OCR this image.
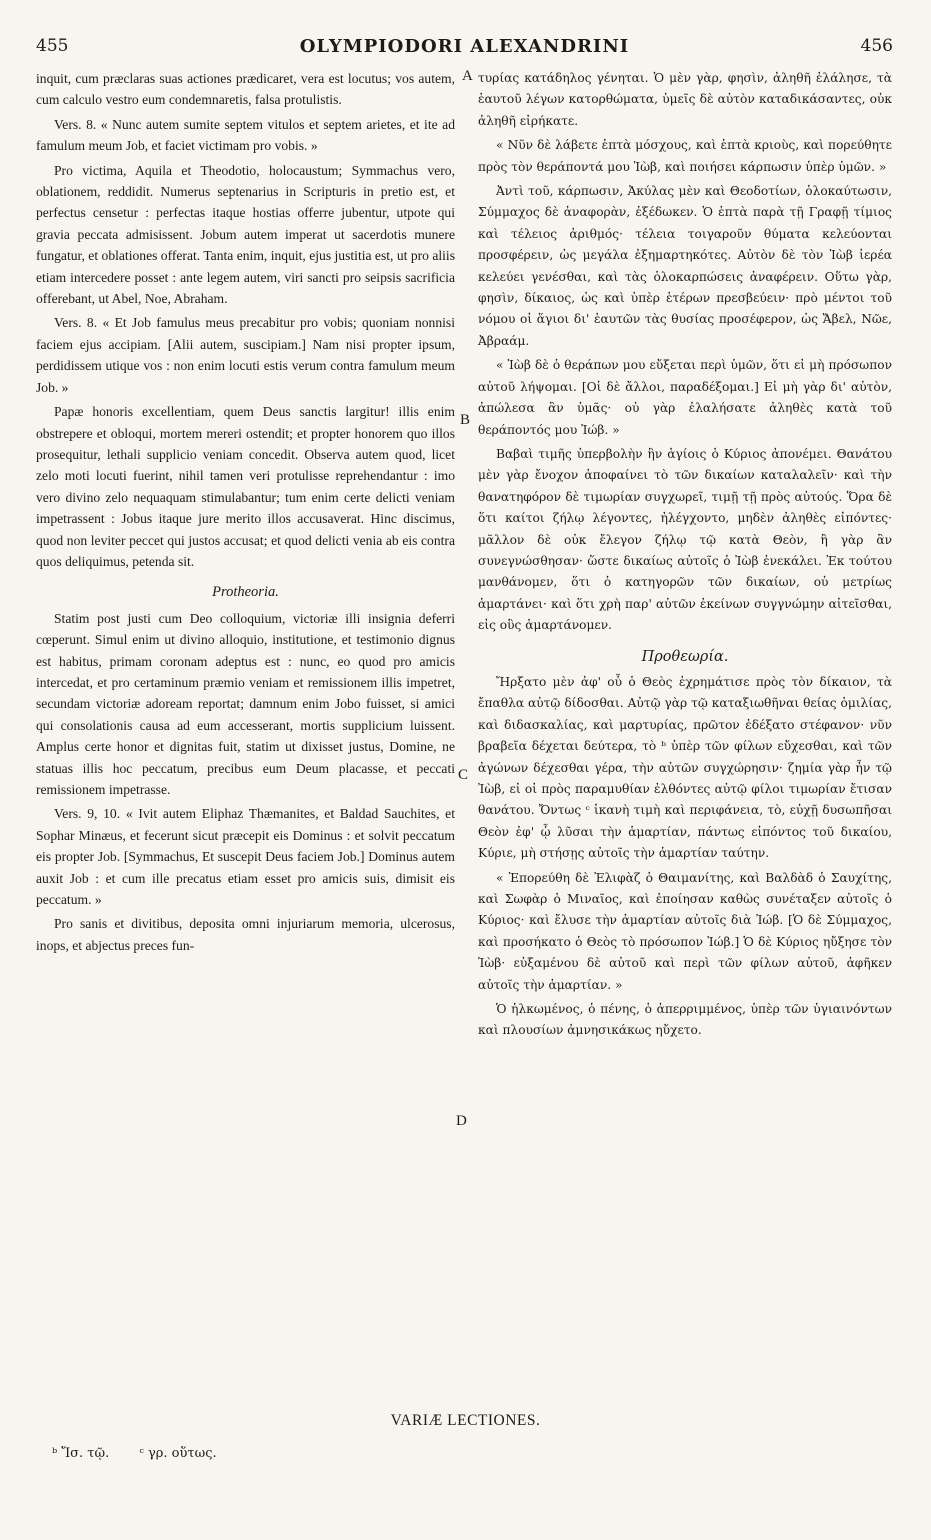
455	OLYMPIODORI ALEXANDRINI	456

inquit, cum præclaras suas actiones prædicaret, vera est locutus; vos autem, cum calculo vestro eum condemnaretis, falsa protulistis.

Vers. 8. « Nunc autem sumite septem vitulos et septem arietes, et ite ad famulum meum Job, et faciet victimam pro vobis. »

Pro victima, Aquila et Theodotio, holocaustum; Symmachus vero, oblationem, reddidit. Numerus septenarius in Scripturis in pretio est, et perfectus censetur : perfectas itaque hostias offerre jubentur, utpote qui gravia peccata admisissent. Jobum autem imperat ut sacerdotis munere fungatur, et oblationes offerat. Tanta enim, inquit, ejus justitia est, ut pro aliis etiam intercedere posset : ante legem autem, viri sancti pro seipsis sacrificia offerebant, ut Abel, Noe, Abraham.

Vers. 8. « Et Job famulus meus precabitur pro vobis; quoniam nonnisi faciem ejus accipiam. [Alii autem, suscipiam.] Nam nisi propter ipsum, perdidissem utique vos : non enim locuti estis verum contra famulum meum Job. »

Papæ honoris excellentiam, quem Deus sanctis largitur! illis enim obstrepere et obloqui, mortem mereri ostendit; et propter honorem quo illos prosequitur, lethali supplicio veniam concedit. Observa autem quod, licet zelo moti locuti fuerint, nihil tamen veri protulisse reprehendantur : imo vero divino zelo nequaquam stimulabantur; tum enim certe delicti veniam impetrassent : Jobus itaque jure merito illos accusaverat. Hinc discimus, quod non leviter peccet qui justos accusat; et quod delicti venia ab eis contra quos deliquimus, petenda sit.

Protheoria.

Statim post justi cum Deo colloquium, victoriæ illi insignia deferri cœperunt. Simul enim ut divino alloquio, institutione, et testimonio dignus est habitus, primam coronam adeptus est : nunc, eo quod pro amicis intercedat, et pro certaminum præmio veniam et remissionem illis impetret, secundam victoriæ adoream reportat; damnum enim Jobo fuisset, si amici qui consolationis causa ad eum accesserant, mortis supplicium luissent. Amplus certe honor et dignitas fuit, statim ut dixisset justus, Domine, ne statuas illis hoc peccatum, precibus eum Deum placasse, et peccati remissionem impetrasse.

Vers. 9, 10. « Ivit autem Eliphaz Thæmanites, et Baldad Sauchites, et Sophar Minæus, et fecerunt sicut præcepit eis Dominus : et solvit peccatum eis propter Job. [Symmachus, Et suscepit Deus faciem Job.] Dominus autem auxit Job : et cum ille precatus etiam esset pro amicis suis, dimisit eis peccatum. »

Pro sanis et divitibus, deposita omni injuriarum memoria, ulcerosus, inops, et abjectus preces fun-

A
B
C
D

τυρίας κατάδηλος γένηται. Ὁ μὲν γὰρ, φησὶν, ἀληθῆ ἐλάλησε, τὰ ἑαυτοῦ λέγων κατορθώματα, ὑμεῖς δὲ αὐτὸν καταδικάσαντες, οὐκ ἀληθῆ εἰρήκατε.

« Νῦν δὲ λάβετε ἑπτὰ μόσχους, καὶ ἑπτὰ κριοὺς, καὶ πορεύθητε πρὸς τὸν θεράποντά μου Ἰὼβ, καὶ ποιήσει κάρπωσιν ὑπὲρ ὑμῶν. »

Ἀντὶ τοῦ, κάρπωσιν, Ἀκύλας μὲν καὶ Θεοδοτίων, ὁλοκαύτωσιν, Σύμμαχος δὲ ἀναφορὰν, ἐξέδωκεν. Ὁ ἑπτὰ παρὰ τῇ Γραφῇ τίμιος καὶ τέλειος ἀριθμός· τέλεια τοιγαροῦν θύματα κελεύονται προσφέρειν, ὡς μεγάλα ἐξημαρτηκότες. Αὐτὸν δὲ τὸν Ἰὼβ ἱερέα κελεύει γενέσθαι, καὶ τὰς ὁλοκαρπώσεις ἀναφέρειν. Οὕτω γὰρ, φησὶν, δίκαιος, ὡς καὶ ὑπὲρ ἑτέρων πρεσβεύειν· πρὸ μέντοι τοῦ νόμου οἱ ἅγιοι δι' ἑαυτῶν τὰς θυσίας προσέφερον, ὡς Ἄβελ, Νῶε, Ἀβραάμ.

« Ἰὼβ δὲ ὁ θεράπων μου εὔξεται περὶ ὑμῶν, ὅτι εἰ μὴ πρόσωπον αὐτοῦ λήψομαι. [Οἱ δὲ ἄλλοι, παραδέξομαι.] Εἰ μὴ γὰρ δι' αὐτὸν, ἀπώλεσα ἂν ὑμᾶς· οὐ γὰρ ἐλαλήσατε ἀληθὲς κατὰ τοῦ θεράποντός μου Ἰώβ. »

Βαβαὶ τιμῆς ὑπερβολὴν ἣν ἁγίοις ὁ Κύριος ἀπονέμει. Θανάτου μὲν γὰρ ἔνοχον ἀποφαίνει τὸ τῶν δικαίων καταλαλεῖν· καὶ τὴν θανατηφόρον δὲ τιμωρίαν συγχωρεῖ, τιμῇ τῇ πρὸς αὐτούς. Ὅρα δὲ ὅτι καίτοι ζήλῳ λέγοντες, ἠλέγχοντο, μηδὲν ἀληθὲς εἰπόντες· μᾶλλον δὲ οὐκ ἔλεγον ζήλῳ τῷ κατὰ Θεὸν, ἢ γὰρ ἂν συνεγνώσθησαν· ὥστε δικαίως αὐτοῖς ὁ Ἰὼβ ἐνεκάλει. Ἐκ τούτου μανθάνομεν, ὅτι ὁ κατηγορῶν τῶν δικαίων, οὐ μετρίως ἁμαρτάνει· καὶ ὅτι χρὴ παρ' αὐτῶν ἐκείνων συγγνώμην αἰτεῖσθαι, εἰς οὓς ἁμαρτάνομεν.

Προθεωρία.

Ἤρξατο μὲν ἀφ' οὗ ὁ Θεὸς ἐχρημάτισε πρὸς τὸν δίκαιον, τὰ ἔπαθλα αὐτῷ δίδοσθαι. Αὐτῷ γὰρ τῷ καταξιωθῆναι θείας ὁμιλίας, καὶ διδασκαλίας, καὶ μαρτυρίας, πρῶτον ἐδέξατο στέφανον· νῦν βραβεῖα δέχεται δεύτερα, τὸ ᵇ ὑπὲρ τῶν φίλων εὔχεσθαι, καὶ τῶν ἀγώνων δέχεσθαι γέρα, τὴν αὐτῶν συγχώρησιν· ζημία γὰρ ἦν τῷ Ἰὼβ, εἰ οἱ πρὸς παραμυθίαν ἐλθόντες αὐτῷ φίλοι τιμωρίαν ἔτισαν θανάτου. Ὄντως ᶜ ἱκανὴ τιμὴ καὶ περιφάνεια, τὸ, εὐχῇ δυσωπῆσαι Θεὸν ἐφ' ᾧ λῦσαι τὴν ἁμαρτίαν, πάντως εἰπόντος τοῦ δικαίου, Κύριε, μὴ στήσῃς αὐτοῖς τὴν ἁμαρτίαν ταύτην.

« Ἐπορεύθη δὲ Ἐλιφὰζ ὁ Θαιμανίτης, καὶ Βαλδὰδ ὁ Σαυχίτης, καὶ Σωφὰρ ὁ Μιναῖος, καὶ ἐποίησαν καθὼς συνέταξεν αὐτοῖς ὁ Κύριος· καὶ ἔλυσε τὴν ἁμαρτίαν αὐτοῖς διὰ Ἰώβ. [Ὁ δὲ Σύμμαχος, καὶ προσήκατο ὁ Θεὸς τὸ πρόσωπον Ἰώβ.] Ὁ δὲ Κύριος ηὔξησε τὸν Ἰὼβ· εὐξαμένου δὲ αὐτοῦ καὶ περὶ τῶν φίλων αὐτοῦ, ἀφῆκεν αὐτοῖς τὴν ἁμαρτίαν. »

Ὁ ἡλκωμένος, ὁ πένης, ὁ ἀπερριμμένος, ὑπὲρ τῶν ὑγιαινόντων καὶ πλουσίων ἀμνησικάκως ηὔχετο.

VARIÆ LECTIONES.
ᵇ Ἴσ. τῷ. ᶜ γρ. οὕτως.
